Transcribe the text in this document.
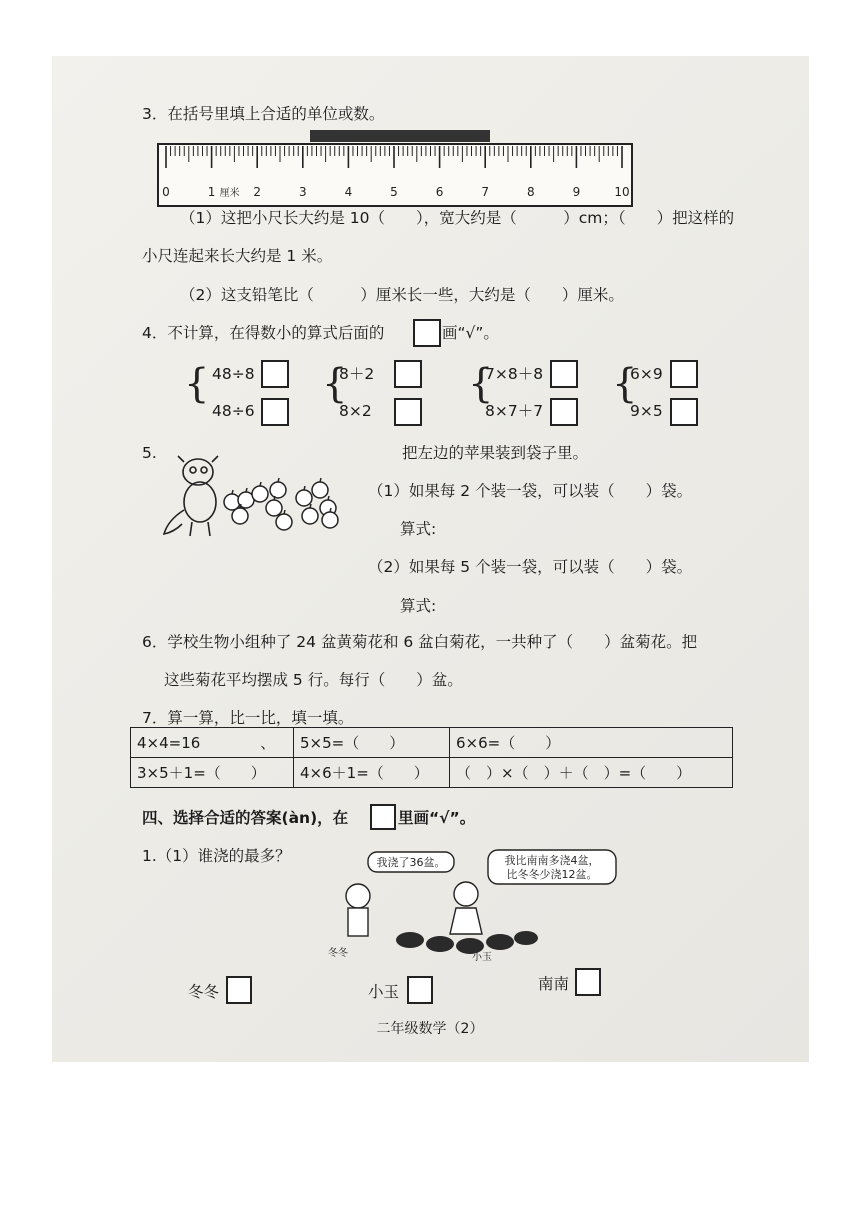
3．在括号里填上合适的单位或数。
0	1	2	3	4	5	6	7	8	9	10
厘米
（1）这把小尺长大约是 10（　　），宽大约是（　　　）cm；（　　）把这样的
小尺连起来长大约是 1 米。
（2）这支铅笔比（　　　）厘米长一些，大约是（　　）厘米。
4．不计算，在得数小的算式后面的	画“√”。
{ 48÷8
48÷6
{
8＋2
8×2
{
7×8＋8
8×7＋7
{
6×9
9×5
5.	把左边的苹果装到袋子里。
（1）如果每 2 个装一袋，可以装（　　）袋。
算式:
（2）如果每 5 个装一袋，可以装（　　）袋。
算式:
6．学校生物小组种了 24 盆黄菊花和 6 盆白菊花，一共种了（　　）盆菊花。把
这些菊花平均摆成 5 行。每行（　　）盆。
7．算一算，比一比，填一填。
4×4=16　　　　、	5×5=（　　）	6×6=（　　）
3×5＋1=（　　）	4×6＋1=（　　）	（　）×（　）＋（　）=（　　）
四、选择合适的答案(àn)，在	里画“√”。
1.（1）谁浇的最多？	我浇了36盆。	我比南南多浇4盆，
比冬冬少浇12盆。
冬冬	小玉
冬冬	小玉	南南
二年级数学（2）
